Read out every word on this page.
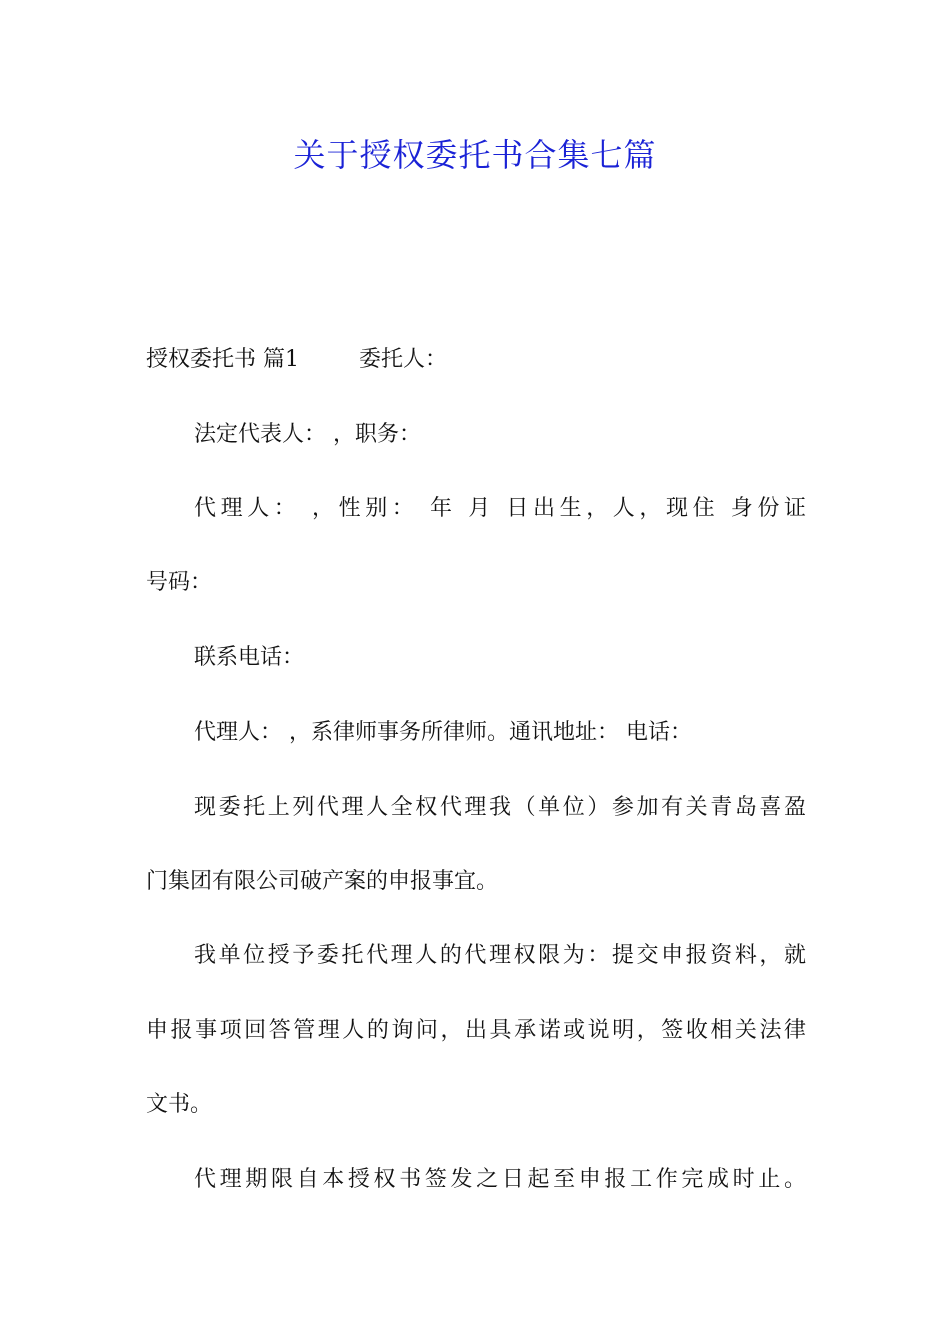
关于授权委托书合集七篇
授权委托书 篇1	委托人：
法定代表人： ，职务：
代理人： ，性别： 年 月 日出生，人，现住 身份证
号码：
联系电话：
代理人： ，系律师事务所律师。通讯地址： 电话：
现委托上列代理人全权代理我（单位）参加有关青岛喜盈
门集团有限公司破产案的申报事宜。
我单位授予委托代理人的代理权限为：提交申报资料，就
申报事项回答管理人的询问，出具承诺或说明，签收相关法律
文书。
代理期限自本授权书签发之日起至申报工作完成时止。
